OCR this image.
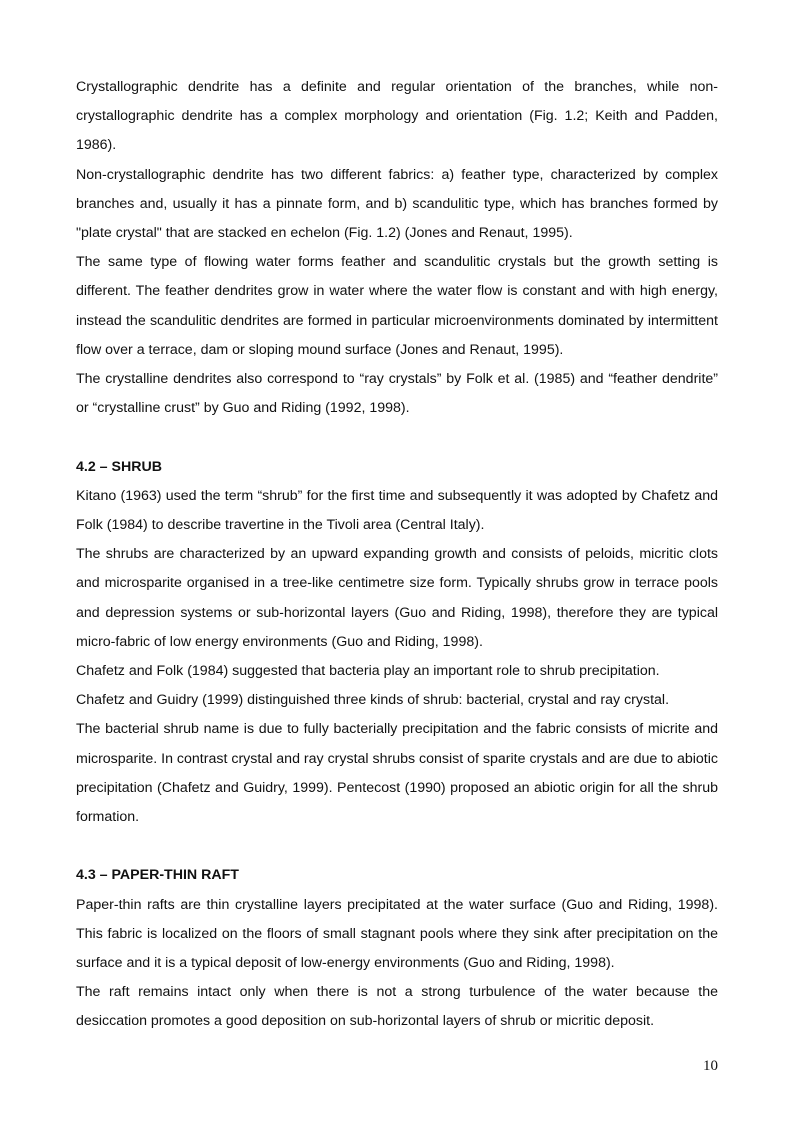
Crystallographic dendrite has a definite and regular orientation of the branches, while non-crystallographic dendrite has a complex morphology and orientation (Fig. 1.2; Keith and Padden, 1986).

Non-crystallographic dendrite has two different fabrics: a) feather type, characterized by complex branches and, usually it has a pinnate form, and b) scandulitic type, which has branches formed by "plate crystal" that are stacked en echelon (Fig. 1.2) (Jones and Renaut, 1995).

The same type of flowing water forms feather and scandulitic crystals but the growth setting is different. The feather dendrites grow in water where the water flow is constant and with high energy, instead the scandulitic dendrites are formed in particular microenvironments dominated by intermittent flow over a terrace, dam or sloping mound surface (Jones and Renaut, 1995).

The crystalline dendrites also correspond to “ray crystals” by Folk et al. (1985) and “feather dendrite” or “crystalline crust” by Guo and Riding (1992, 1998).

4.2 – SHRUB

Kitano (1963) used the term “shrub” for the first time and subsequently it was adopted by Chafetz and Folk (1984) to describe travertine in the Tivoli area (Central Italy).

The shrubs are characterized by an upward expanding growth and consists of peloids, micritic clots and microsparite organised in a tree-like centimetre size form. Typically shrubs grow in terrace pools and depression systems or sub-horizontal layers (Guo and Riding, 1998), therefore they are typical micro-fabric of low energy environments (Guo and Riding, 1998).

Chafetz and Folk (1984) suggested that bacteria play an important role to shrub precipitation.

Chafetz and Guidry (1999) distinguished three kinds of shrub: bacterial, crystal and ray crystal.

The bacterial shrub name is due to fully bacterially precipitation and the fabric consists of micrite and microsparite. In contrast crystal and ray crystal shrubs consist of sparite crystals and are due to abiotic precipitation (Chafetz and Guidry, 1999). Pentecost (1990) proposed an abiotic origin for all the shrub formation.

4.3 – PAPER-THIN RAFT

Paper-thin rafts are thin crystalline layers precipitated at the water surface (Guo and Riding, 1998). This fabric is localized on the floors of small stagnant pools where they sink after precipitation on the surface and it is a typical deposit of low-energy environments (Guo and Riding, 1998).

The raft remains intact only when there is not a strong turbulence of the water because the desiccation promotes a good deposition on sub-horizontal layers of shrub or micritic deposit.

10
